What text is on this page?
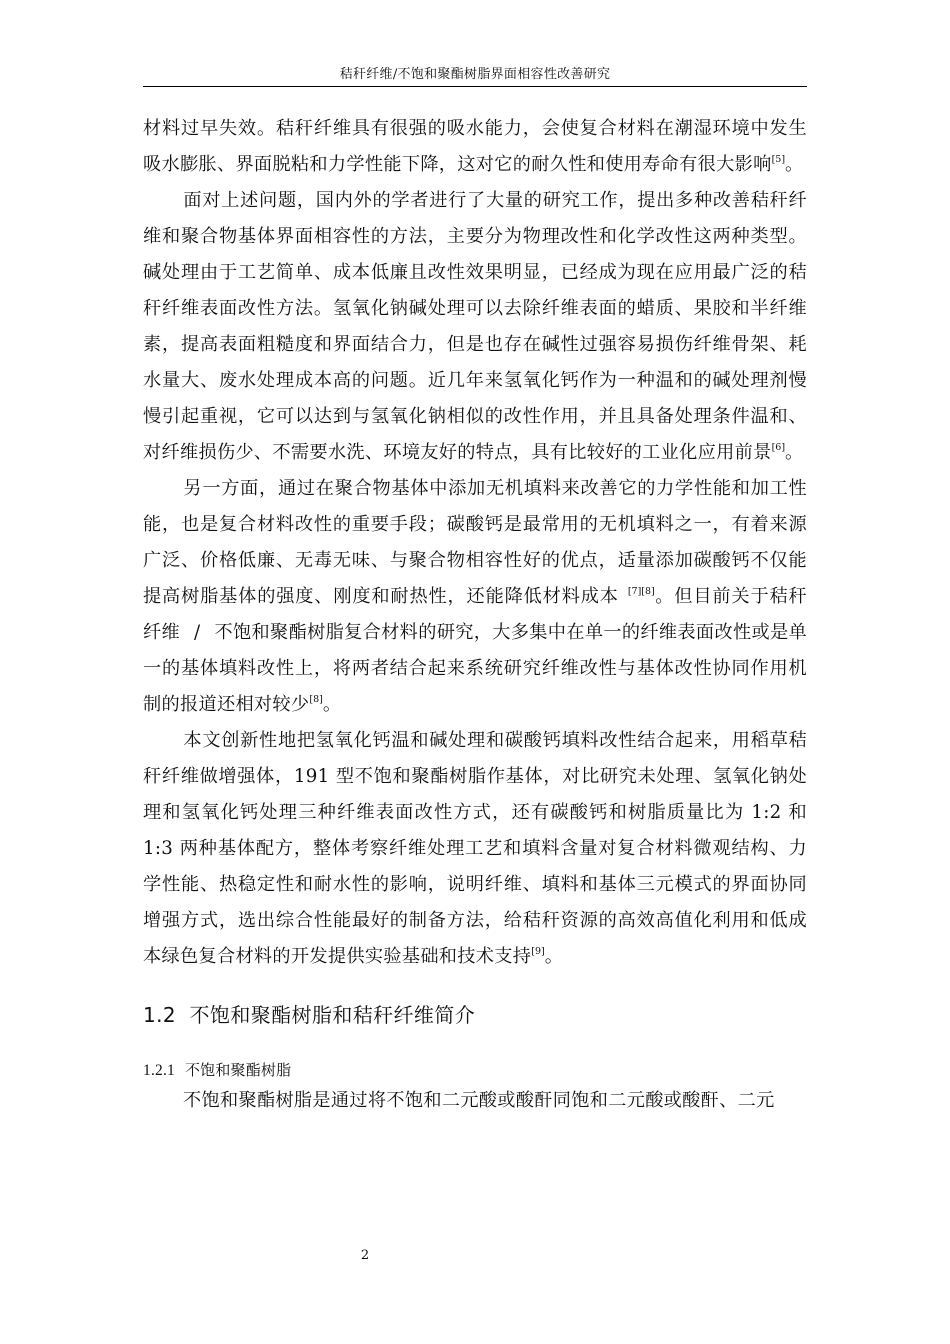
秸秆纤维/不饱和聚酯树脂界面相容性改善研究

材料过早失效。秸秆纤维具有很强的吸水能力，会使复合材料在潮湿环境中发生吸水膨胀、界面脱粘和力学性能下降，这对它的耐久性和使用寿命有很大影响[5]。

面对上述问题，国内外的学者进行了大量的研究工作，提出多种改善秸秆纤维和聚合物基体界面相容性的方法，主要分为物理改性和化学改性这两种类型。碱处理由于工艺简单、成本低廉且改性效果明显，已经成为现在应用最广泛的秸秆纤维表面改性方法。氢氧化钠碱处理可以去除纤维表面的蜡质、果胶和半纤维素，提高表面粗糙度和界面结合力，但是也存在碱性过强容易损伤纤维骨架、耗水量大、废水处理成本高的问题。近几年来氢氧化钙作为一种温和的碱处理剂慢慢引起重视，它可以达到与氢氧化钠相似的改性作用，并且具备处理条件温和、对纤维损伤少、不需要水洗、环境友好的特点，具有比较好的工业化应用前景[6]。

另一方面，通过在聚合物基体中添加无机填料来改善它的力学性能和加工性能，也是复合材料改性的重要手段；碳酸钙是最常用的无机填料之一，有着来源广泛、价格低廉、无毒无味、与聚合物相容性好的优点，适量添加碳酸钙不仅能提高树脂基体的强度、刚度和耐热性，还能降低材料成本 [7][8]。但目前关于秸秆纤维 / 不饱和聚酯树脂复合材料的研究，大多集中在单一的纤维表面改性或是单一的基体填料改性上，将两者结合起来系统研究纤维改性与基体改性协同作用机制的报道还相对较少[8]。

本文创新性地把氢氧化钙温和碱处理和碳酸钙填料改性结合起来，用稻草秸秆纤维做增强体，191 型不饱和聚酯树脂作基体，对比研究未处理、氢氧化钠处理和氢氧化钙处理三种纤维表面改性方式，还有碳酸钙和树脂质量比为 1:2 和 1:3 两种基体配方，整体考察纤维处理工艺和填料含量对复合材料微观结构、力学性能、热稳定性和耐水性的影响，说明纤维、填料和基体三元模式的界面协同增强方式，选出综合性能最好的制备方法，给秸秆资源的高效高值化利用和低成本绿色复合材料的开发提供实验基础和技术支持[9]。

1.2 不饱和聚酯树脂和秸秆纤维简介
1.2.1 不饱和聚酯树脂

不饱和聚酯树脂是通过将不饱和二元酸或酸酐同饱和二元酸或酸酐、二元

2
